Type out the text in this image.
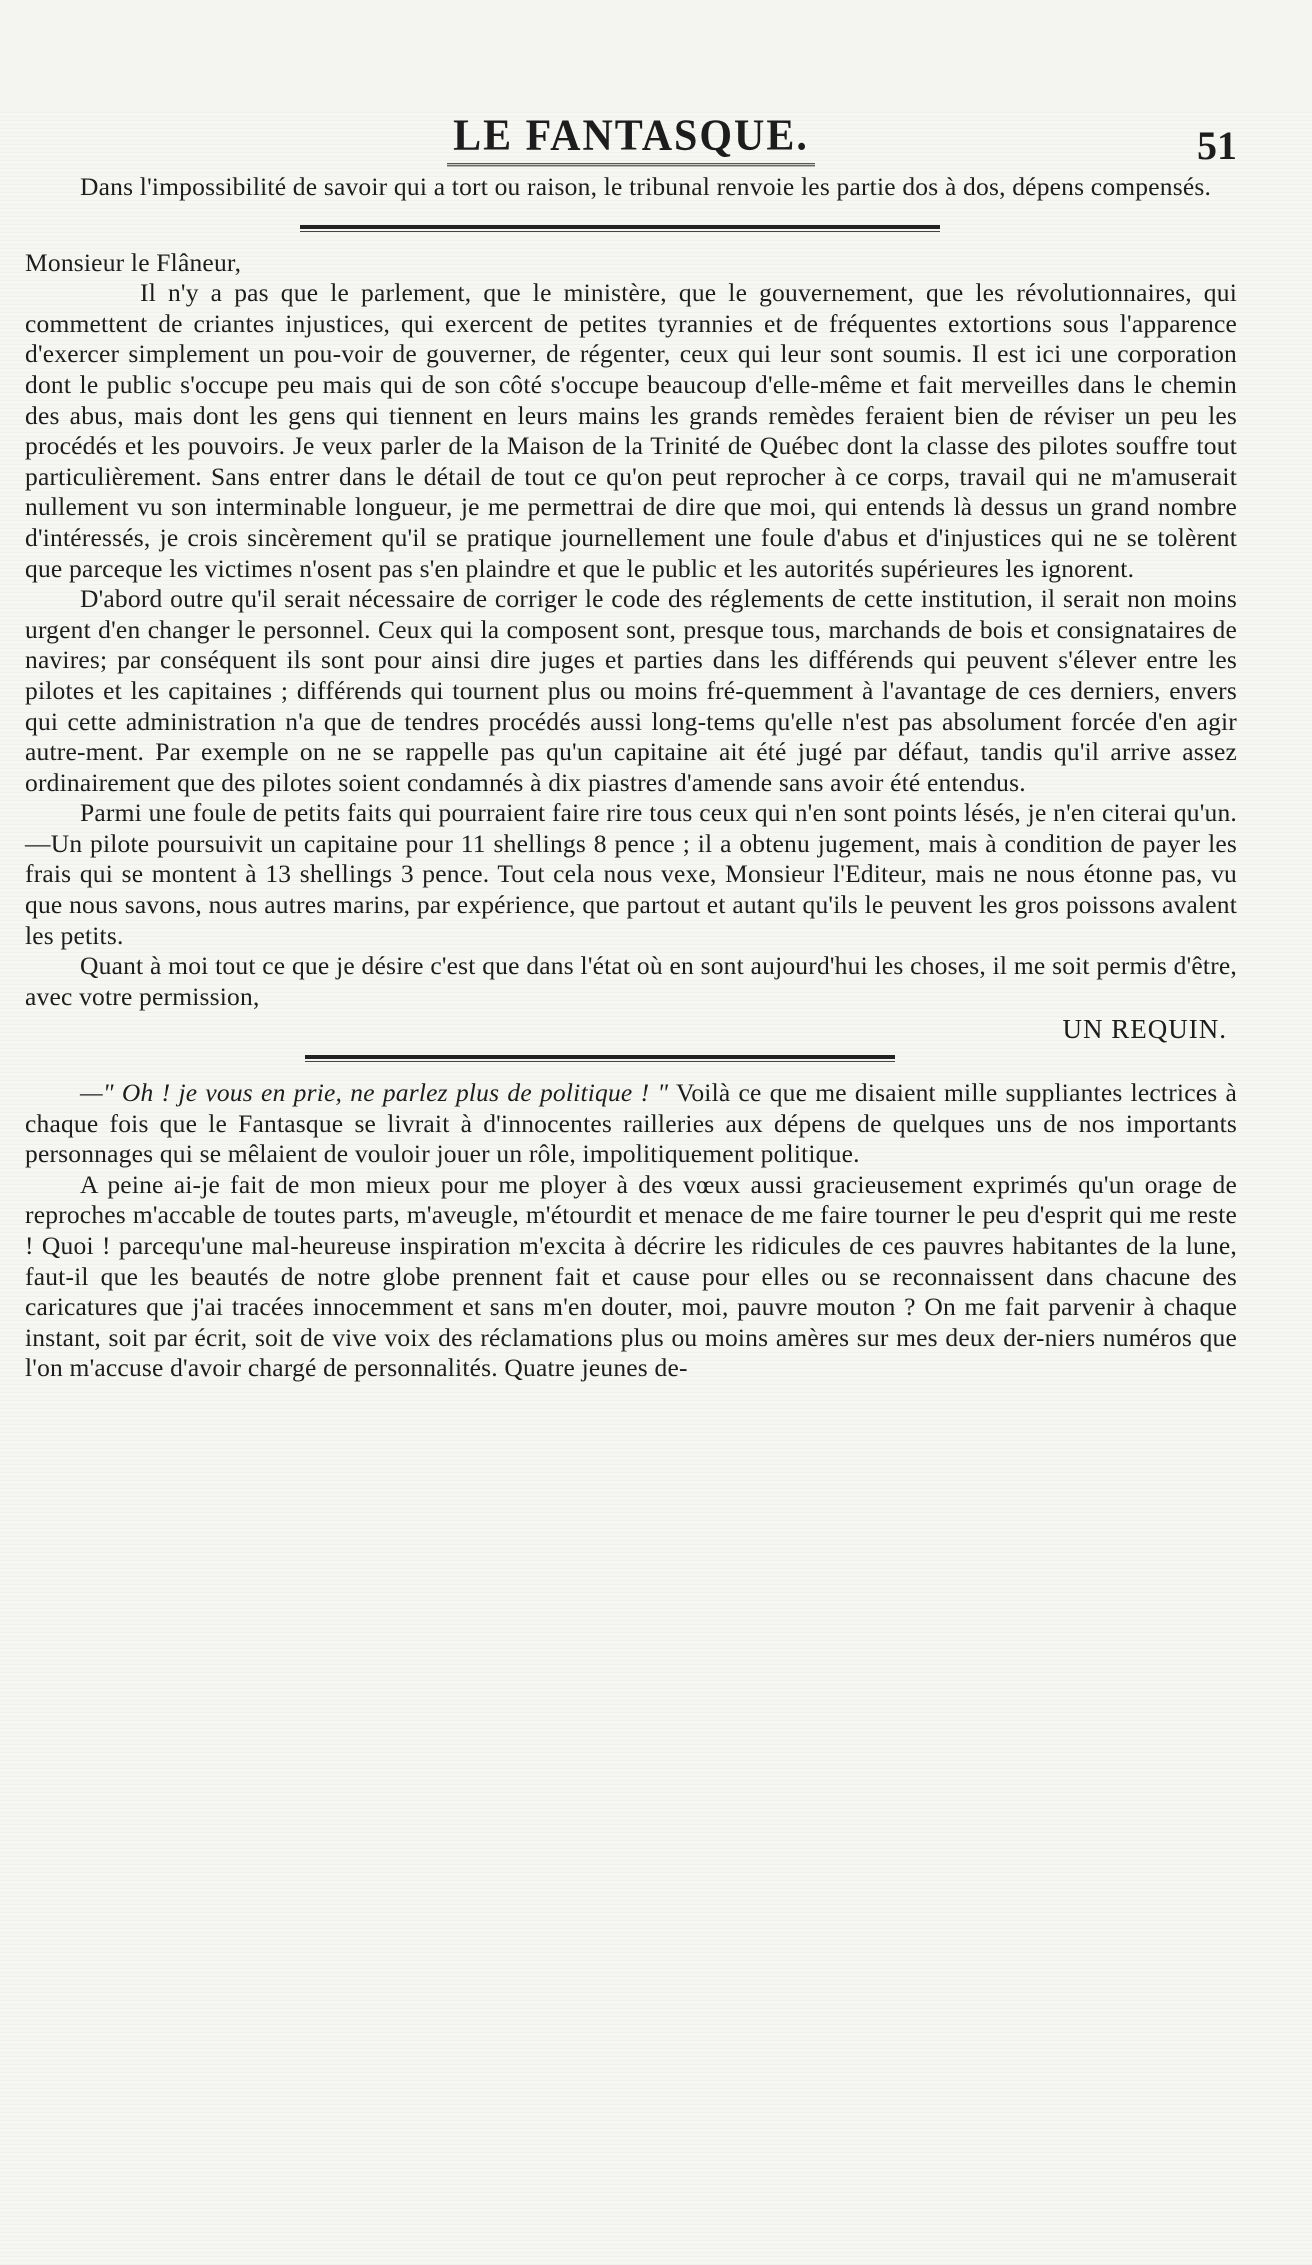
LE FANTASQUE.	51

Dans l'impossibilité de savoir qui a tort ou raison, le tribunal renvoie les partie dos à dos, dépens compensés.

Monsieur le Flâneur,

Il n'y a pas que le parlement, que le ministère, que le gouvernement, que les révolutionnaires, qui commettent de criantes injustices, qui exercent de petites tyrannies et de fréquentes extortions sous l'apparence d'exercer simplement un pou-voir de gouverner, de régenter, ceux qui leur sont soumis. Il est ici une corporation dont le public s'occupe peu mais qui de son côté s'occupe beaucoup d'elle-même et fait merveilles dans le chemin des abus, mais dont les gens qui tiennent en leurs mains les grands remèdes feraient bien de réviser un peu les procédés et les pouvoirs. Je veux parler de la Maison de la Trinité de Québec dont la classe des pilotes souffre tout particulièrement. Sans entrer dans le détail de tout ce qu'on peut reprocher à ce corps, travail qui ne m'amuserait nullement vu son interminable longueur, je me permettrai de dire que moi, qui entends là dessus un grand nombre d'intéressés, je crois sincèrement qu'il se pratique journellement une foule d'abus et d'injustices qui ne se tolèrent que parceque les victimes n'osent pas s'en plaindre et que le public et les autorités supérieures les ignorent.

D'abord outre qu'il serait nécessaire de corriger le code des réglements de cette institution, il serait non moins urgent d'en changer le personnel. Ceux qui la composent sont, presque tous, marchands de bois et consignataires de navires; par conséquent ils sont pour ainsi dire juges et parties dans les différends qui peuvent s'élever entre les pilotes et les capitaines ; différends qui tournent plus ou moins fré-quemment à l'avantage de ces derniers, envers qui cette administration n'a que de tendres procédés aussi long-tems qu'elle n'est pas absolument forcée d'en agir autre-ment. Par exemple on ne se rappelle pas qu'un capitaine ait été jugé par défaut, tandis qu'il arrive assez ordinairement que des pilotes soient condamnés à dix piastres d'amende sans avoir été entendus.

Parmi une foule de petits faits qui pourraient faire rire tous ceux qui n'en sont points lésés, je n'en citerai qu'un.—Un pilote poursuivit un capitaine pour 11 shellings 8 pence ; il a obtenu jugement, mais à condition de payer les frais qui se montent à 13 shellings 3 pence. Tout cela nous vexe, Monsieur l'Editeur, mais ne nous étonne pas, vu que nous savons, nous autres marins, par expérience, que partout et autant qu'ils le peuvent les gros poissons avalent les petits.

Quant à moi tout ce que je désire c'est que dans l'état où en sont aujourd'hui les choses, il me soit permis d'être, avec votre permission,

UN REQUIN.

—" Oh ! je vous en prie, ne parlez plus de politique ! " Voilà ce que me disaient mille suppliantes lectrices à chaque fois que le Fantasque se livrait à d'innocentes railleries aux dépens de quelques uns de nos importants personnages qui se mêlaient de vouloir jouer un rôle, impolitiquement politique.

A peine ai-je fait de mon mieux pour me ployer à des vœux aussi gracieusement exprimés qu'un orage de reproches m'accable de toutes parts, m'aveugle, m'étourdit et menace de me faire tourner le peu d'esprit qui me reste ! Quoi ! parcequ'une mal-heureuse inspiration m'excita à décrire les ridicules de ces pauvres habitantes de la lune, faut-il que les beautés de notre globe prennent fait et cause pour elles ou se reconnaissent dans chacune des caricatures que j'ai tracées innocemment et sans m'en douter, moi, pauvre mouton ? On me fait parvenir à chaque instant, soit par écrit, soit de vive voix des réclamations plus ou moins amères sur mes deux der-niers numéros que l'on m'accuse d'avoir chargé de personnalités. Quatre jeunes de-
